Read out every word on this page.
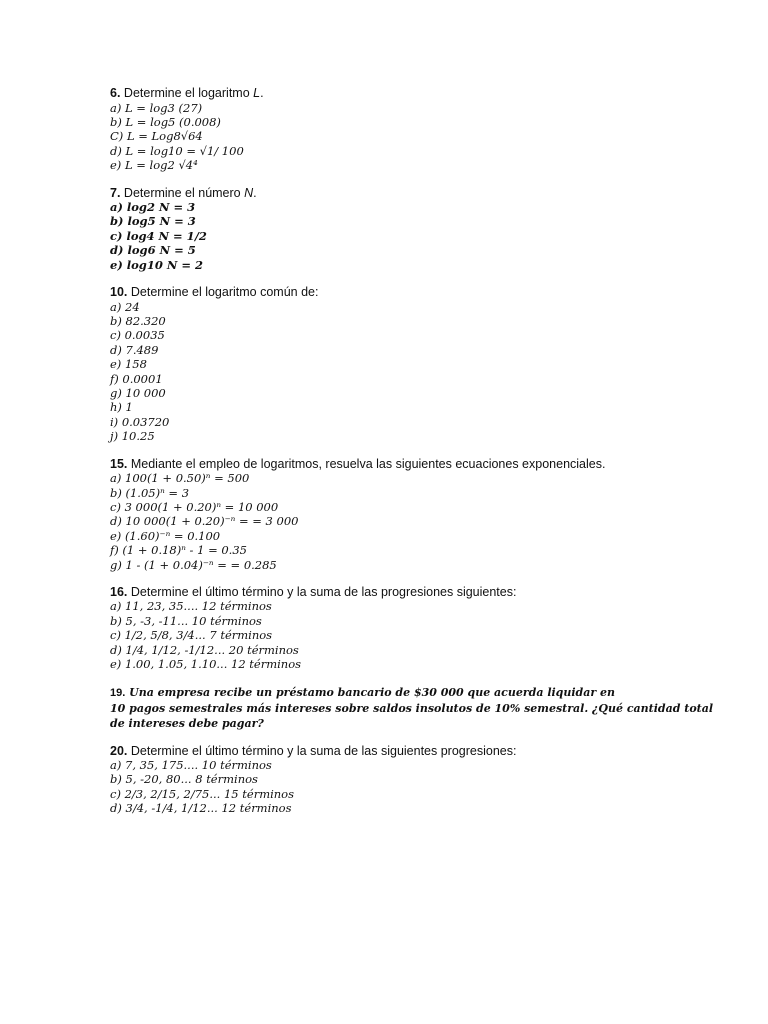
6. Determine el logaritmo L.

a) L = log3 (27)

b) L = log5 (0.008)

C) L = Log8√64

d) L = log10 = √1/ 100

e) L = log2 √4⁴

7. Determine el número N.

a) log2 N = 3

b) log5 N = 3

c) log4 N = 1/2

d) log6 N = 5

e) log10 N = 2

10. Determine el logaritmo común de:

a) 24

b) 82.320

c) 0.0035

d) 7.489

e) 158

f) 0.0001

g) 10 000

h) 1

i) 0.03720

j) 10.25

15. Mediante el empleo de logaritmos, resuelva las siguientes ecuaciones exponenciales.

a) 100(1 + 0.50)ⁿ = 500

b) (1.05)ⁿ = 3

c) 3 000(1 + 0.20)ⁿ = 10 000

d) 10 000(1 + 0.20)⁻ⁿ = = 3 000

e) (1.60)⁻ⁿ = 0.100

f) (1 + 0.18)ⁿ - 1 = 0.35

g) 1 - (1 + 0.04)⁻ⁿ = = 0.285

16. Determine el último término y la suma de las progresiones siguientes:

a) 11, 23, 35.... 12 términos

b) 5, -3, -11... 10 términos

c) 1/2, 5/8, 3/4... 7 términos

d) 1/4, 1/12, -1/12... 20 términos

e) 1.00, 1.05, 1.10... 12 términos

19. Una empresa recibe un préstamo bancario de $30 000 que acuerda liquidar en
10 pagos semestrales más intereses sobre saldos insolutos de 10% semestral. ¿Qué cantidad total
de intereses debe pagar?

20. Determine el último término y la suma de las siguientes progresiones:

a) 7, 35, 175.... 10 términos

b) 5, -20, 80... 8 términos

c) 2/3, 2/15, 2/75... 15 términos

d) 3/4, -1/4, 1/12... 12 términos
